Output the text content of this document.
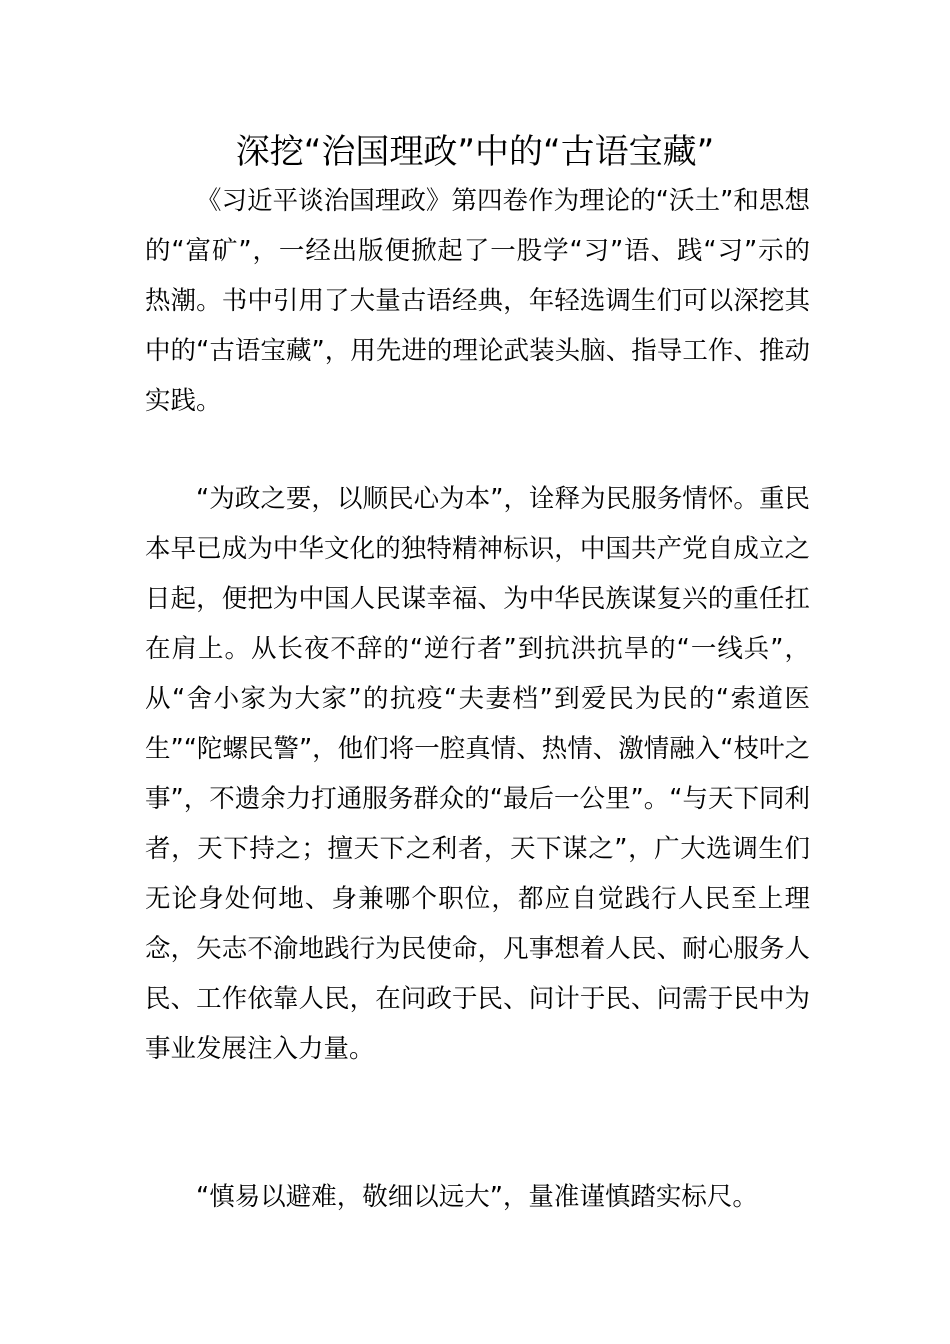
深挖“治国理政”中的“古语宝藏”

《习近平谈治国理政》第四卷作为理论的“沃土”和思想的“富矿”，一经出版便掀起了一股学“习”语、践“习”示的热潮。书中引用了大量古语经典，年轻选调生们可以深挖其中的“古语宝藏”，用先进的理论武装头脑、指导工作、推动实践。

“为政之要，以顺民心为本”，诠释为民服务情怀。重民本早已成为中华文化的独特精神标识，中国共产党自成立之日起，便把为中国人民谋幸福、为中华民族谋复兴的重任扛在肩上。从长夜不辞的“逆行者”到抗洪抗旱的“一线兵”，从“舍小家为大家”的抗疫“夫妻档”到爱民为民的“索道医生”“陀螺民警”，他们将一腔真情、热情、激情融入“枝叶之事”，不遗余力打通服务群众的“最后一公里”。“与天下同利者，天下持之；擅天下之利者，天下谋之”，广大选调生们无论身处何地、身兼哪个职位，都应自觉践行人民至上理念，矢志不渝地践行为民使命，凡事想着人民、耐心服务人民、工作依靠人民，在问政于民、问计于民、问需于民中为事业发展注入力量。

“慎易以避难，敬细以远大”，量准谨慎踏实标尺。
